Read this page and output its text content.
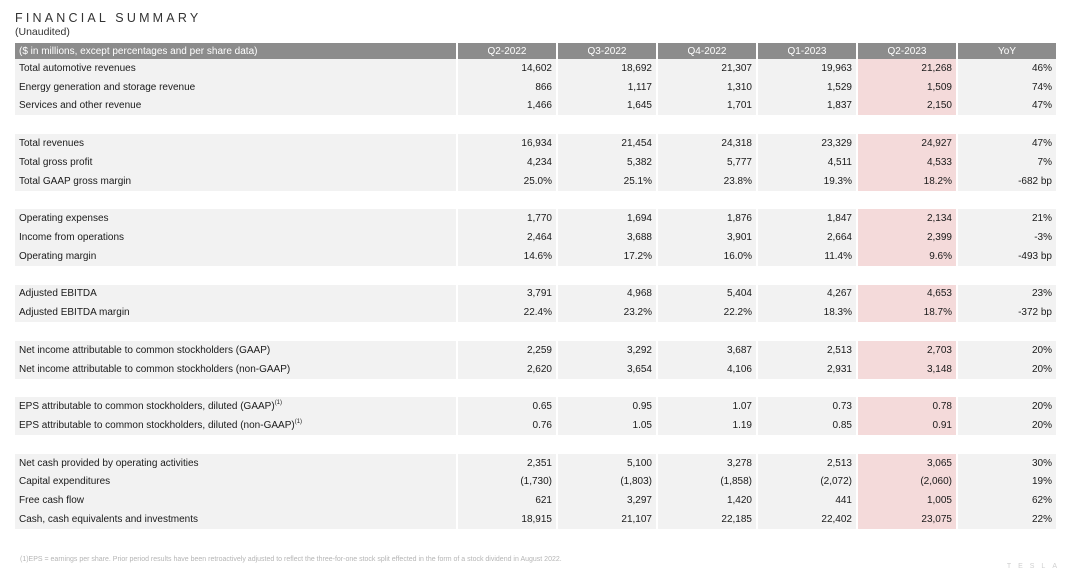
FINANCIAL SUMMARY
(Unaudited)
($ in millions, except percentages and per share data)	Q2-2022	Q3-2022	Q4-2022	Q1-2023	Q2-2023	YoY
Total automotive revenues	14,602	18,692	21,307	19,963	21,268	46%
Energy generation and storage revenue	866	1,117	1,310	1,529	1,509	74%
Services and other revenue	1,466	1,645	1,701	1,837	2,150	47%

Total revenues	16,934	21,454	24,318	23,329	24,927	47%
Total gross profit	4,234	5,382	5,777	4,511	4,533	7%
Total GAAP gross margin	25.0%	25.1%	23.8%	19.3%	18.2%	-682 bp

Operating expenses	1,770	1,694	1,876	1,847	2,134	21%
Income from operations	2,464	3,688	3,901	2,664	2,399	-3%
Operating margin	14.6%	17.2%	16.0%	11.4%	9.6%	-493 bp

Adjusted EBITDA	3,791	4,968	5,404	4,267	4,653	23%
Adjusted EBITDA margin	22.4%	23.2%	22.2%	18.3%	18.7%	-372 bp

Net income attributable to common stockholders (GAAP)	2,259	3,292	3,687	2,513	2,703	20%
Net income attributable to common stockholders (non-GAAP)	2,620	3,654	4,106	2,931	3,148	20%

EPS attributable to common stockholders, diluted (GAAP)$^{(1)}$	0.65	0.95	1.07	0.73	0.78	20%
EPS attributable to common stockholders, diluted (non-GAAP)$^{(1)}$	0.76	1.05	1.19	0.85	0.91	20%

Net cash provided by operating activities	2,351	5,100	3,278	2,513	3,065	30%
Capital expenditures	(1,730)	(1,803)	(1,858)	(2,072)	(2,060)	19%
Free cash flow	621	3,297	1,420	441	1,005	62%
Cash, cash equivalents and investments	18,915	21,107	22,185	22,402	23,075	22%
(1)EPS = earnings per share. Prior period results have been retroactively adjusted to reflect the three-for-one stock split effected in the form of a stock dividend in August 2022.
TESLA
